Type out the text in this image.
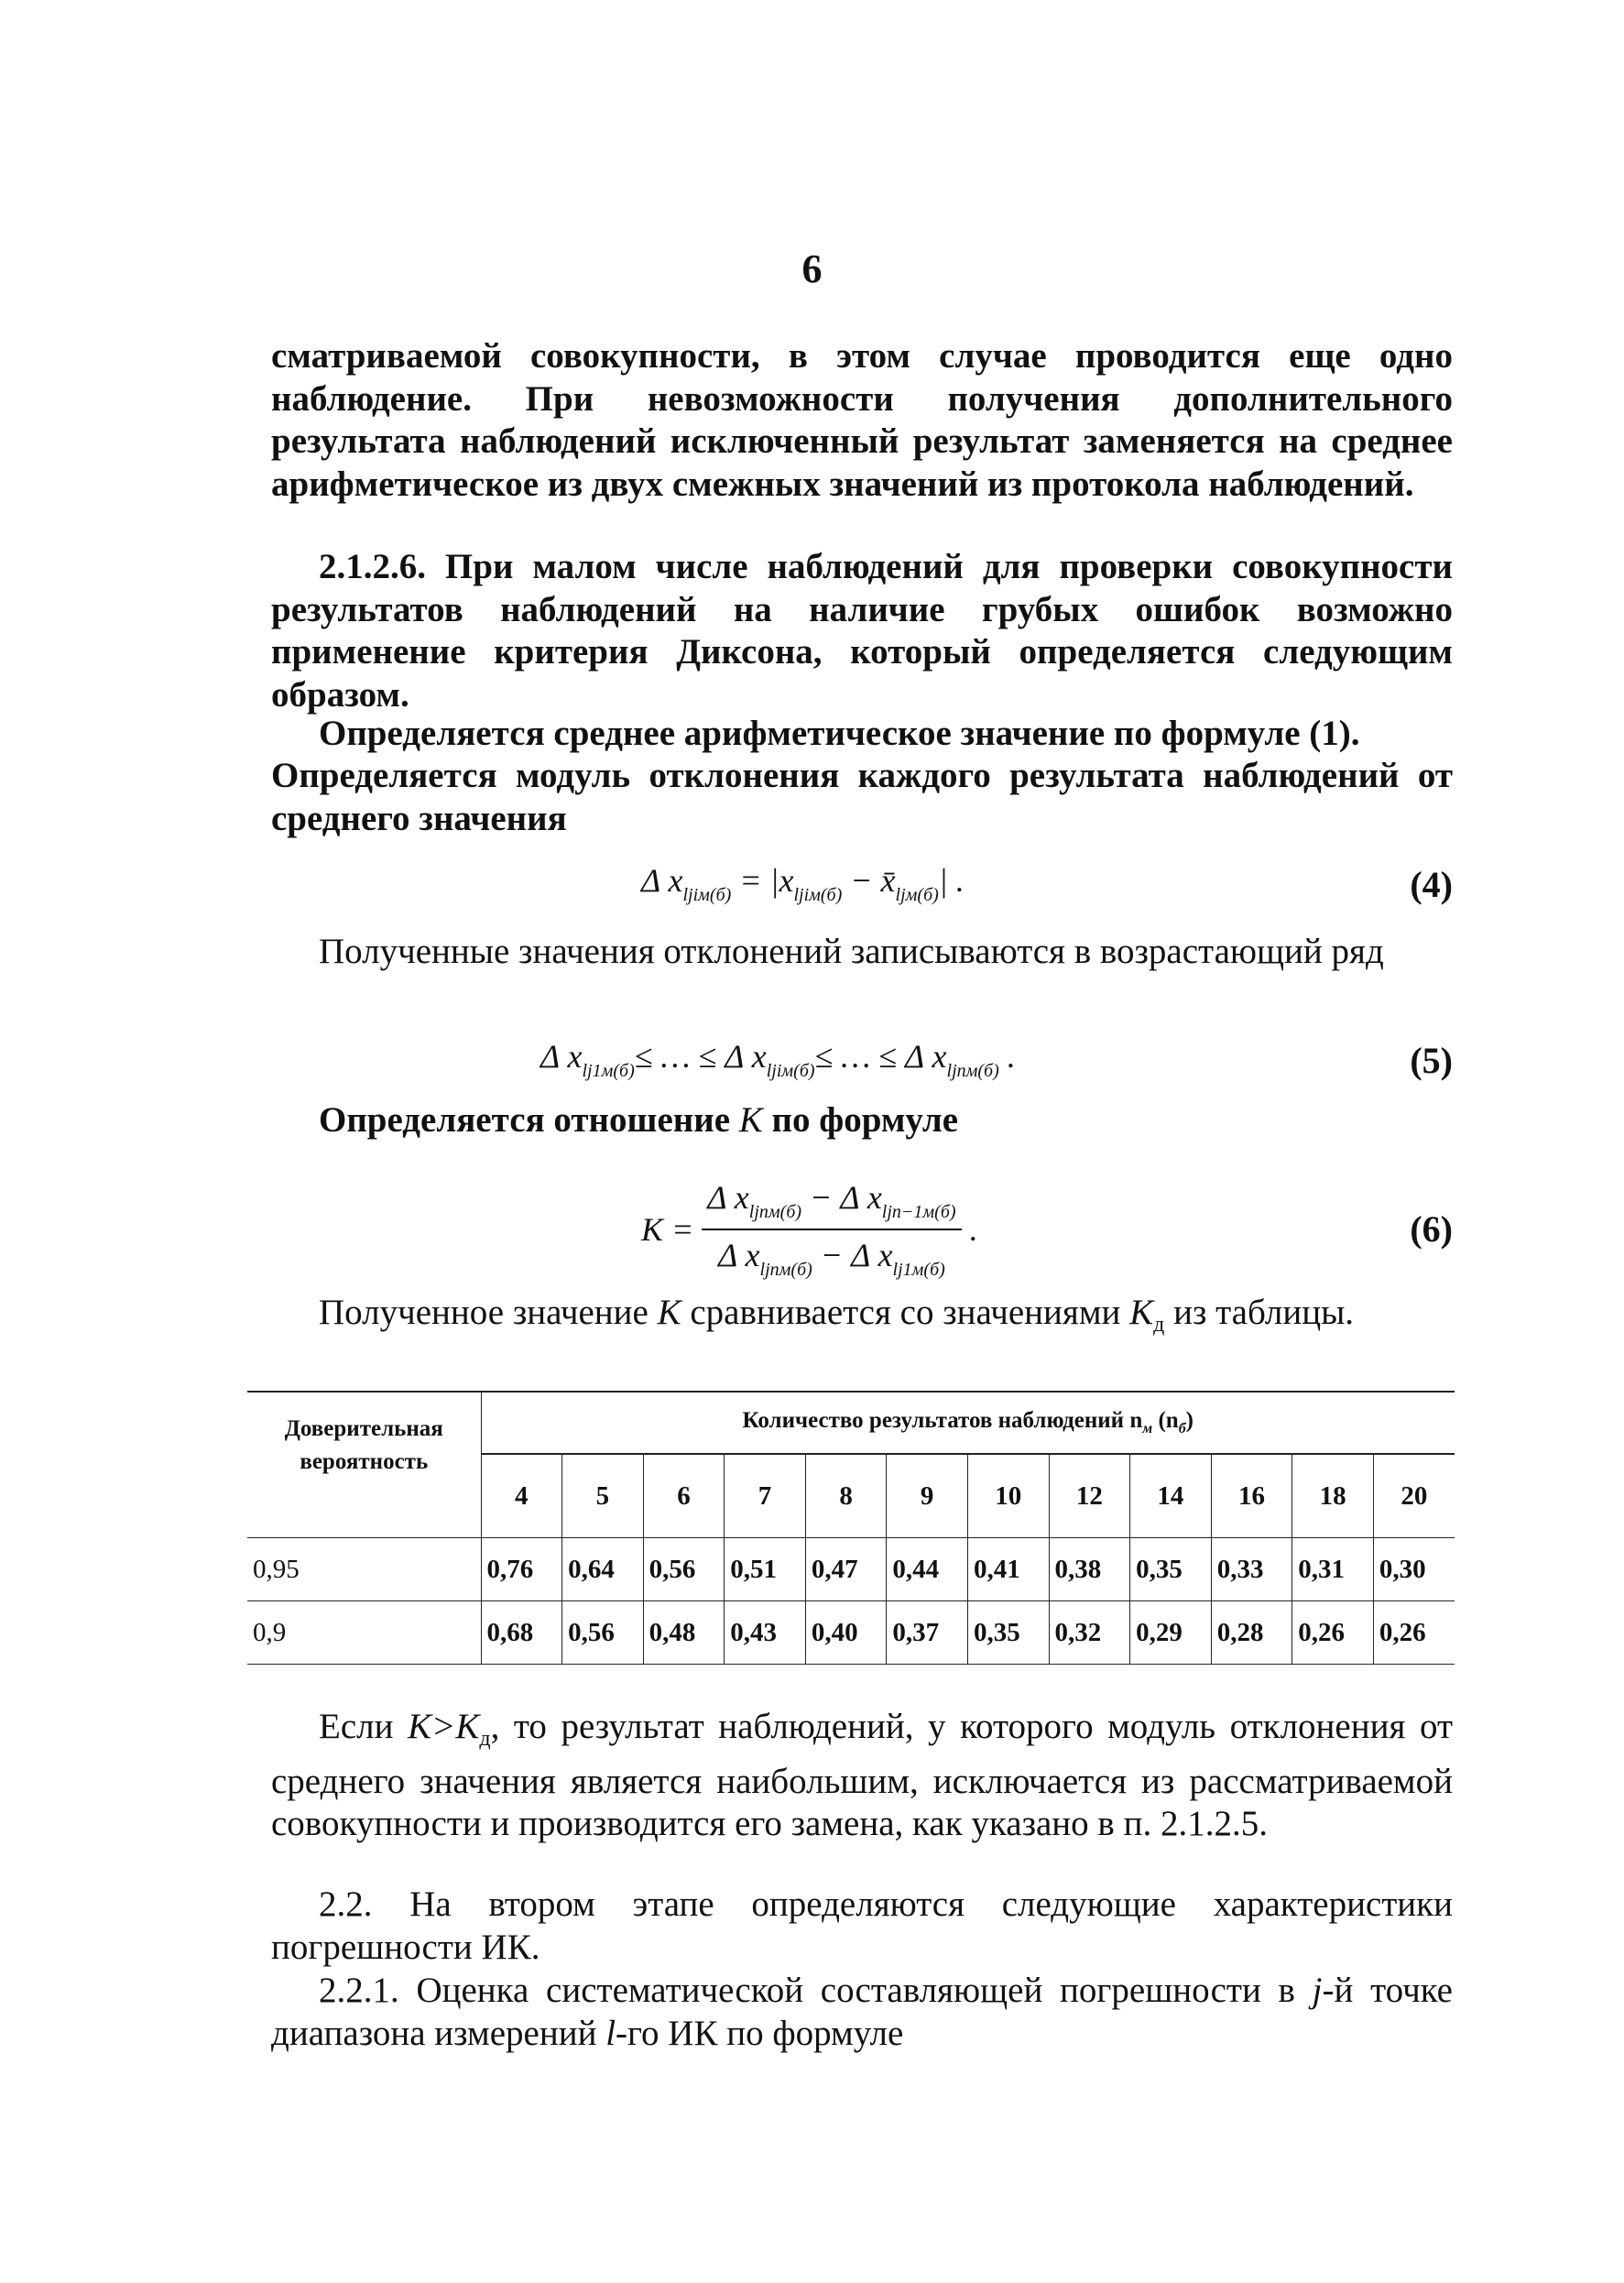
6

сматриваемой совокупности, в этом случае проводится еще одно наблюдение. При невозможности получения дополнительного результата наблюдений исключенный результат заменяется на среднее арифметическое из двух смежных значений из протокола наблюдений.

2.1.2.6. При малом числе наблюдений для проверки совокупности результатов наблюдений на наличие грубых ошибок возможно применение критерия Диксона, который определяется следующим образом.

Определяется среднее арифметическое значение по формуле (1).

Определяется модуль отклонения каждого результата наблюдений от среднего значения

Δ $x_{ljiм(б)} = |x_{ljiм(б)}$ − $x̄_{ljм(б)}|$ .	(4)

Полученные значения отклонений записываются в возрастающий ряд

Δ $x_{lj1м(б)}\le$ … ≤ Δ $x_{ljiм(б)}\le$ … ≤ Δ $x_{ljnм(б)}$ .	(5)

Определяется отношение K по формуле

$K = \frac{\Delta x_{ljnм(б)} - \Delta x_{ljn-1м(б)}}{\Delta x_{ljnм(б)} - \Delta x_{lj1м(б)}}$ .	(6)

Полученное значение K сравнивается со значениями $K_д$ из таблицы.

Доверительная вероятность	Количество результатов наблюдений $n_м$ $(n_б)$											
	4	5	6	7	8	9	10	12	14	16	18	20
0,95	0,76	0,64	0,56	0,51	0,47	0,44	0,41	0,38	0,35	0,33	0,31	0,30
0,9	0,68	0,56	0,48	0,43	0,40	0,37	0,35	0,32	0,29	0,28	0,26	0,26

Если $K>K_д$, то результат наблюдений, у которого модуль отклонения от среднего значения является наибольшим, исключается из рассматриваемой совокупности и производится его замена, как указано в п. 2.1.2.5.

2.2. На втором этапе определяются следующие характеристики погрешности ИК.

2.2.1. Оценка систематической составляющей погрешности в j-й точке диапазона измерений l-го ИК по формуле
